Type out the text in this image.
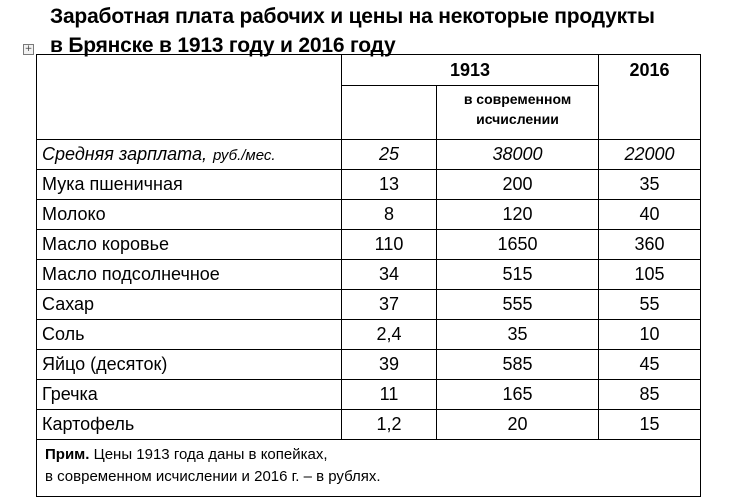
Заработная плата рабочих и цены на некоторые продукты
в Брянске в 1913 году и 2016 году
+
	1913		2016
		в современном исчислении	
Средняя зарплата, руб./мес.	25	38000	22000
Мука пшеничная	13	200	35
Молоко	8	120	40
Масло коровье	110	1650	360
Масло подсолнечное	34	515	105
Сахар	37	555	55
Соль	2,4	35	10
Яйцо (десяток)	39	585	45
Гречка	11	165	85
Картофель	1,2	20	15

Прим. Цены 1913 года даны в копейках,
в современном исчислении и 2016 г. – в рублях.			
